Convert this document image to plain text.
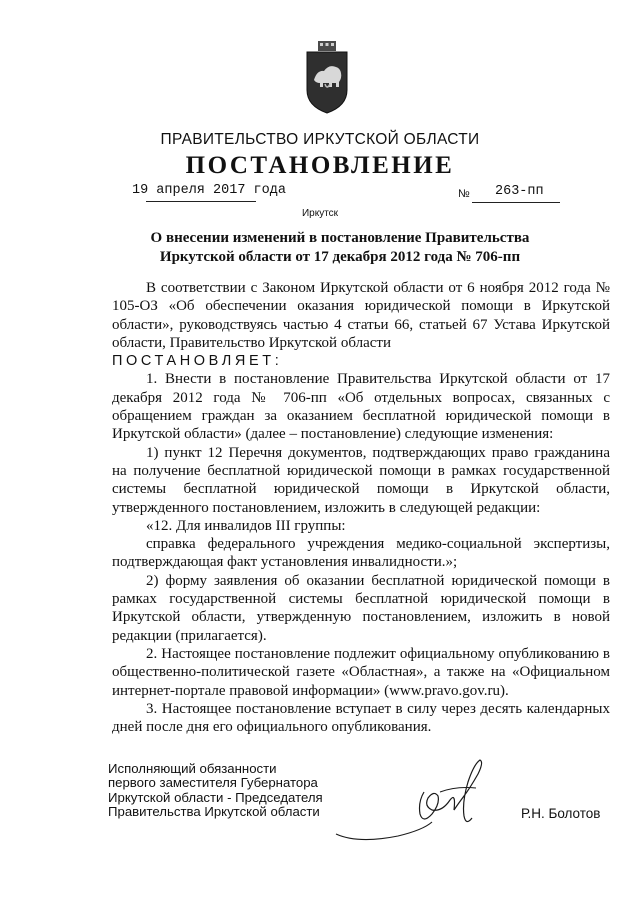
ПРАВИТЕЛЬСТВО ИРКУТСКОЙ ОБЛАСТИ
ПОСТАНОВЛЕНИЕ
19 апреля 2017 года	№ 263-пп
Иркутск
О внесении изменений в постановление Правительства
Иркутской области от 17 декабря 2012 года № 706-пп

В соответствии с Законом Иркутской области от 6 ноября 2012 года № 105-ОЗ «Об обеспечении оказания юридической помощи в Иркутской области», руководствуясь частью 4 статьи 66, статьей 67 Устава Иркутской области, Правительство Иркутской области

ПОСТАНОВЛЯЕТ:

1. Внести в постановление Правительства Иркутской области от 17 декабря 2012 года № 706-пп «Об отдельных вопросах, связанных с обращением граждан за оказанием бесплатной юридической помощи в Иркутской области» (далее – постановление) следующие изменения:

1) пункт 12 Перечня документов, подтверждающих право гражданина на получение бесплатной юридической помощи в рамках государственной системы бесплатной юридической помощи в Иркутской области, утвержденного постановлением, изложить в следующей редакции:

«12. Для инвалидов III группы:

справка федерального учреждения медико-социальной экспертизы, подтверждающая факт установления инвалидности.»;

2) форму заявления об оказании бесплатной юридической помощи в рамках государственной системы бесплатной юридической помощи в Иркутской области, утвержденную постановлением, изложить в новой редакции (прилагается).

2. Настоящее постановление подлежит официальному опубликованию в общественно-политической газете «Областная», а также на «Официальном интернет-портале правовой информации» (www.pravo.gov.ru).

3. Настоящее постановление вступает в силу через десять календарных дней после дня его официального опубликования.

Исполняющий обязанности
первого заместителя Губернатора
Иркутской области - Председателя
Правительства Иркутской области	Р.Н. Болотов
